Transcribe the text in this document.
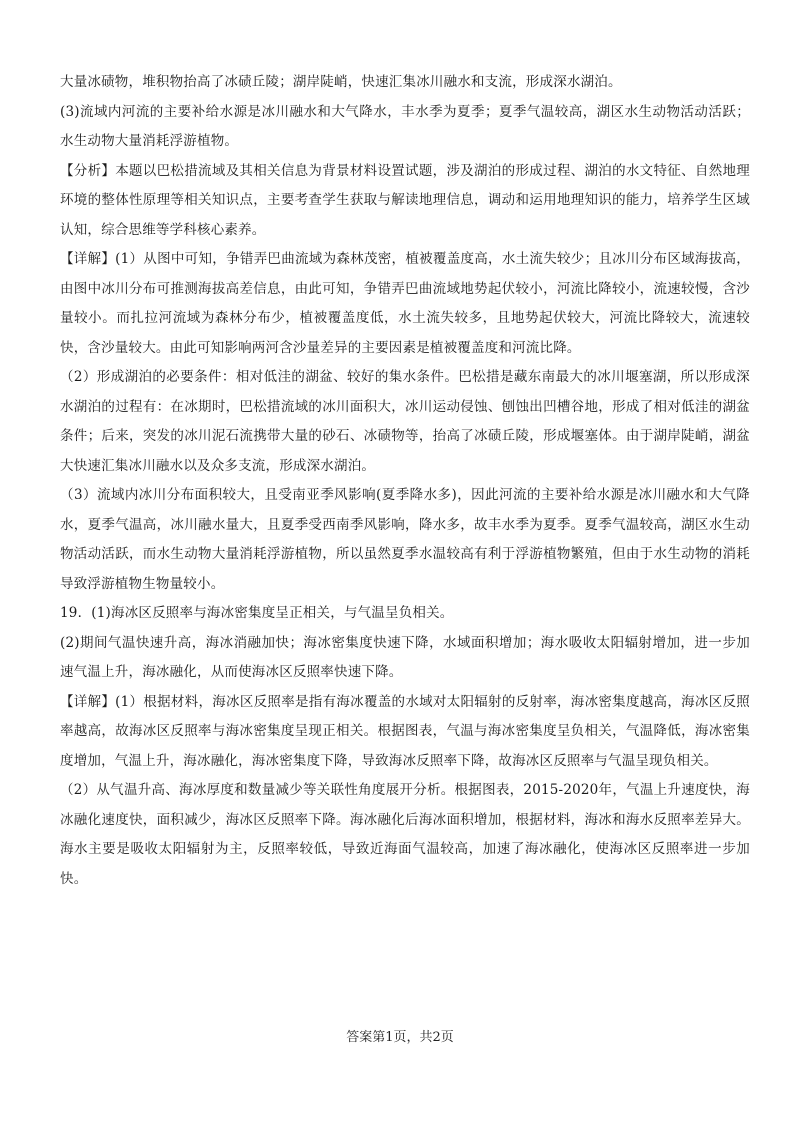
大量冰碛物，堆积物抬高了冰碛丘陵；湖岸陡峭，快速汇集冰川融水和支流，形成深水湖泊。

(3)流域内河流的主要补给水源是冰川融水和大气降水，丰水季为夏季；夏季气温较高，湖区水生动物活动活跃；水生动物大量消耗浮游植物。

【分析】本题以巴松措流域及其相关信息为背景材料设置试题，涉及湖泊的形成过程、湖泊的水文特征、自然地理环境的整体性原理等相关知识点，主要考查学生获取与解读地理信息，调动和运用地理知识的能力，培养学生区域认知，综合思维等学科核心素养。

【详解】(1）从图中可知，争错弄巴曲流域为森林茂密，植被覆盖度高，水土流失较少；且冰川分布区域海拔高，由图中冰川分布可推测海拔高差信息，由此可知，争错弄巴曲流域地势起伏较小，河流比降较小，流速较慢，含沙量较小。而扎拉河流域为森林分布少，植被覆盖度低，水土流失较多，且地势起伏较大，河流比降较大，流速较快，含沙量较大。由此可知影响两河含沙量差异的主要因素是植被覆盖度和河流比降。

（2）形成湖泊的必要条件：相对低洼的湖盆、较好的集水条件。巴松措是藏东南最大的冰川堰塞湖，所以形成深水湖泊的过程有：在冰期时，巴松措流域的冰川面积大，冰川运动侵蚀、刨蚀出凹槽谷地，形成了相对低洼的湖盆条件；后来，突发的冰川泥石流携带大量的砂石、冰碛物等，抬高了冰碛丘陵，形成堰塞体。由于湖岸陡峭，湖盆大快速汇集冰川融水以及众多支流，形成深水湖泊。

（3）流域内冰川分布面积较大，且受南亚季风影响(夏季降水多)，因此河流的主要补给水源是冰川融水和大气降水，夏季气温高，冰川融水量大，且夏季受西南季风影响，降水多，故丰水季为夏季。夏季气温较高，湖区水生动物活动活跃，而水生动物大量消耗浮游植物，所以虽然夏季水温较高有利于浮游植物繁殖，但由于水生动物的消耗导致浮游植物生物量较小。

19．(1)海冰区反照率与海冰密集度呈正相关，与气温呈负相关。

(2)期间气温快速升高，海冰消融加快；海冰密集度快速下降，水域面积增加；海水吸收太阳辐射增加，进一步加速气温上升，海冰融化，从而使海冰区反照率快速下降。

【详解】(1）根据材料，海冰区反照率是指有海冰覆盖的水域对太阳辐射的反射率，海冰密集度越高，海冰区反照率越高，故海冰区反照率与海冰密集度呈现正相关。根据图表，气温与海冰密集度呈负相关，气温降低，海冰密集度增加，气温上升，海冰融化，海冰密集度下降，导致海冰反照率下降，故海冰区反照率与气温呈现负相关。

（2）从气温升高、海冰厚度和数量减少等关联性角度展开分析。根据图表，2015-2020年，气温上升速度快，海冰融化速度快，面积减少，海冰区反照率下降。海冰融化后海冰面积增加，根据材料，海冰和海水反照率差异大。海水主要是吸收太阳辐射为主，反照率较低，导致近海面气温较高，加速了海冰融化，使海冰区反照率进一步加快。

答案第1页，共2页
